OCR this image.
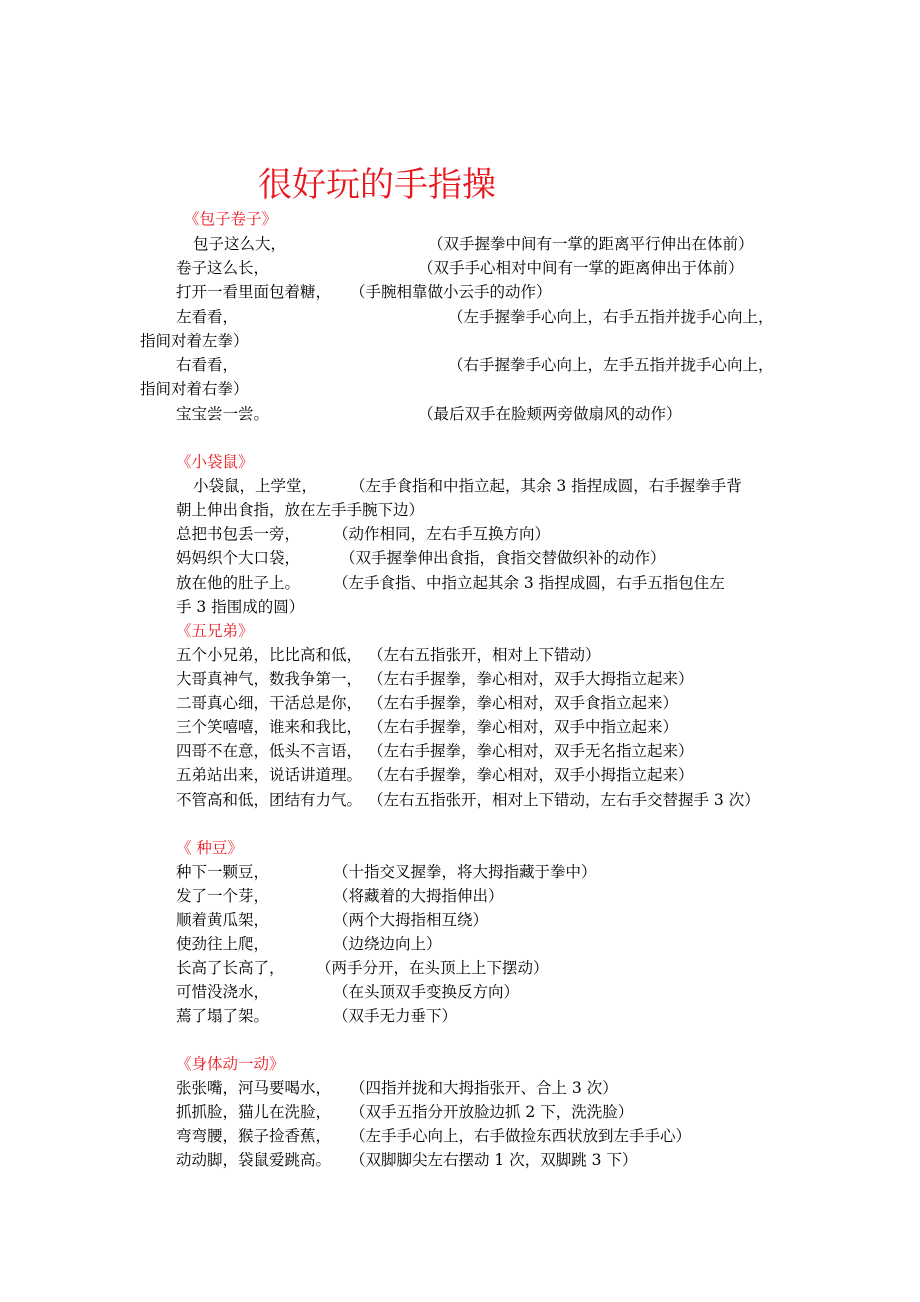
很好玩的手指操
《包子卷子》
包子这么大，	（双手握拳中间有一掌的距离平行伸出在体前）
卷子这么长，	（双手手心相对中间有一掌的距离伸出于体前）
打开一看里面包着糖， （手腕相靠做小云手的动作）
左看看，	（左手握拳手心向上，右手五指并拢手心向上，
指间对着左拳）
右看看，	（右手握拳手心向上，左手五指并拢手心向上，
指间对着右拳）
宝宝尝一尝。	（最后双手在脸颊两旁做扇风的动作）
《小袋鼠》
小袋鼠，上学堂， （左手食指和中指立起，其余 3 指捏成圆，右手握拳手背
朝上伸出食指，放在左手手腕下边）
总把书包丢一旁， （动作相同，左右手互换方向）
妈妈织个大口袋，	（双手握拳伸出食指，食指交替做织补的动作）
放在他的肚子上。 （左手食指、中指立起其余 3 指捏成圆，右手五指包住左
手 3 指围成的圆）
《五兄弟》
五个小兄弟，比比高和低， （左右五指张开，相对上下错动）
大哥真神气，数我争第一， （左右手握拳，拳心相对，双手大拇指立起来）
二哥真心细，干活总是你， （左右手握拳，拳心相对，双手食指立起来）
三个笑嘻嘻，谁来和我比， （左右手握拳，拳心相对，双手中指立起来）
四哥不在意，低头不言语， （左右手握拳，拳心相对，双手无名指立起来）
五弟站出来，说话讲道理。 （左右手握拳，拳心相对，双手小拇指立起来）
不管高和低，团结有力气。 （左右五指张开，相对上下错动，左右手交替握手 3 次）
《 种豆》
种下一颗豆，	（十指交叉握拳，将大拇指藏于拳中）
发了一个芽，	（将藏着的大拇指伸出）
顺着黄瓜架，	（两个大拇指相互绕）
使劲往上爬，	（边绕边向上）
长高了长高了， （两手分开，在头顶上上下摆动）
可惜没浇水，	（在头顶双手变换反方向）
蔫了塌了架。	（双手无力垂下）
《身体动一动》
张张嘴，河马要喝水， （四指并拢和大拇指张开、合上 3 次）
抓抓脸，猫儿在洗脸， （双手五指分开放脸边抓 2 下，洗洗脸）
弯弯腰，猴子捡香蕉， （左手手心向上，右手做捡东西状放到左手手心）
动动脚，袋鼠爱跳高。 （双脚脚尖左右摆动 1 次，双脚跳 3 下）
